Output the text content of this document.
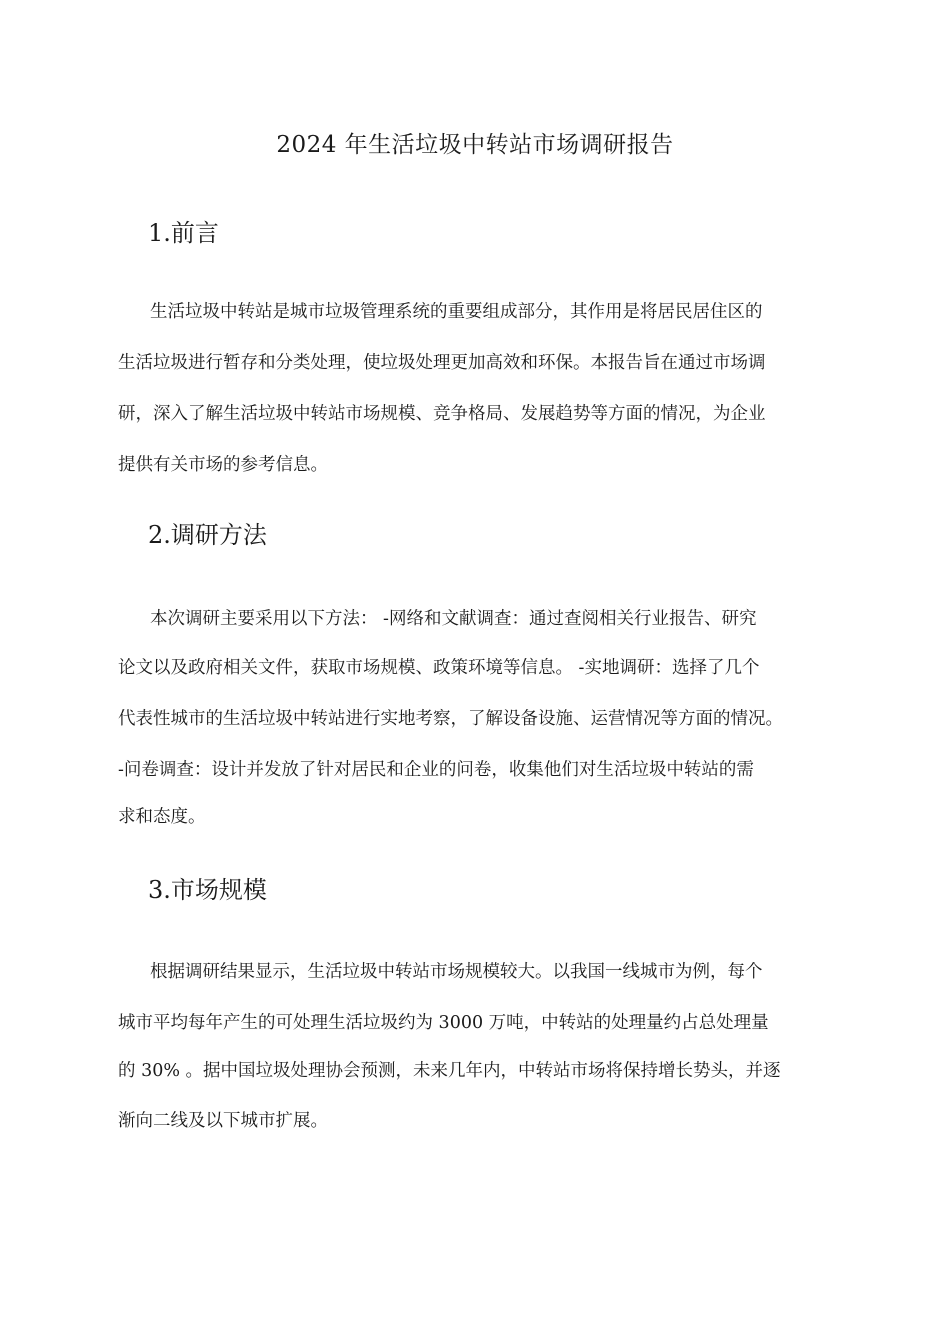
2024 年生活垃圾中转站市场调研报告
1.前言
生活垃圾中转站是城市垃圾管理系统的重要组成部分，其作用是将居民居住区的
生活垃圾进行暂存和分类处理，使垃圾处理更加高效和环保。本报告旨在通过市场调
研，深入了解生活垃圾中转站市场规模、竞争格局、发展趋势等方面的情况，为企业
提供有关市场的参考信息。
2.调研方法
本次调研主要采用以下方法： -网络和文献调查：通过查阅相关行业报告、研究
论文以及政府相关文件，获取市场规模、政策环境等信息。 -实地调研：选择了几个
代表性城市的生活垃圾中转站进行实地考察，了解设备设施、运营情况等方面的情况。
-问卷调查：设计并发放了针对居民和企业的问卷，收集他们对生活垃圾中转站的需
求和态度。
3.市场规模
根据调研结果显示，生活垃圾中转站市场规模较大。以我国一线城市为例，每个
城市平均每年产生的可处理生活垃圾约为 3000 万吨，中转站的处理量约占总处理量
的 30% 。据中国垃圾处理协会预测，未来几年内，中转站市场将保持增长势头，并逐
渐向二线及以下城市扩展。
